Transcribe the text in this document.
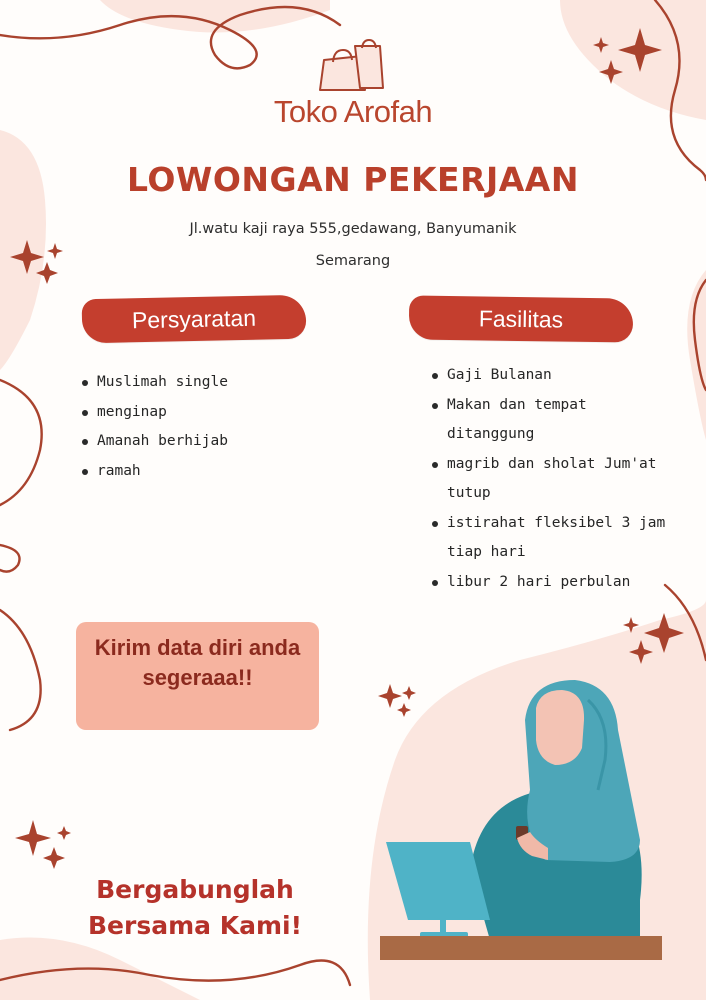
Toko Arofah
LOWONGAN PEKERJAAN
Jl.watu kaji raya 555,gedawang, Banyumanik
Semarang
Persyaratan	Fasilitas
Muslimah single
menginap
Amanah berhijab
ramah
Gaji Bulanan
Makan dan tempat
ditanggung
magrib dan sholat Jum'at
tutup
istirahat fleksibel 3 jam
tiap hari
libur 2 hari perbulan
Kirim data diri anda
segeraaa!!
Bergabunglah
Bersama Kami!
